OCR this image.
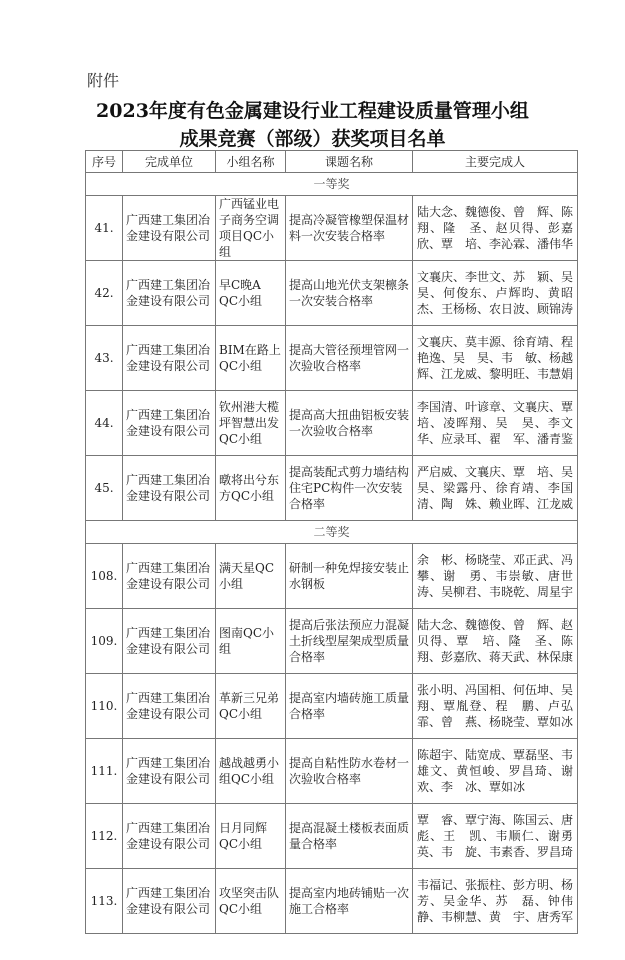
附件
2023年度有色金属建设行业工程建设质量管理小组
成果竞赛（部级）获奖项目名单
序号	完成单位	小组名称	课题名称	主要完成人
一等奖				
41.	广西建工集团冶金建设有限公司	广西锰业电子商务空调项目QC小组	提高冷凝管橡塑保温材料一次安装合格率	陆大念、魏德俊、曾　辉、陈　翔、隆　圣、赵贝得、彭嘉欣、覃　培、李沁霖、潘伟华
42.	广西建工集团冶金建设有限公司	早C晚A QC小组	提高山地光伏支架檩条一次安装合格率	文襄庆、李世文、苏　颖、吴　昊、何俊东、卢辉昀、黄昭杰、王杨杨、农日波、顾锦涛
43.	广西建工集团冶金建设有限公司	BIM在路上QC小组	提高大管径预埋管网一次验收合格率	文襄庆、莫丰源、徐育靖、程艳逸、吴　昊、韦　敏、杨越辉、江龙威、黎明旺、韦慧娟
44.	广西建工集团冶金建设有限公司	钦州港大榄坪智慧出发QC小组	提高高大扭曲铝板安装一次验收合格率	李国清、叶谚章、文襄庆、覃　培、凌晖翔、吴　昊、李文华、应录耳、翟　军、潘青鉴
45.	广西建工集团冶金建设有限公司	暾将出兮东方QC小组	提高装配式剪力墙结构住宅PC构件一次安装合格率	严启威、文襄庆、覃　培、吴　昊、梁露丹、徐育靖、李国清、陶　姝、赖业晖、江龙威
二等奖				
108.	广西建工集团冶金建设有限公司	满天星QC小组	研制一种免焊接安装止水钢板	余　彬、杨晓莹、邓正武、冯　攀、谢　勇、韦崇敏、唐世涛、吴柳君、韦晓乾、周星宇
109.	广西建工集团冶金建设有限公司	图南QC小组	提高后张法预应力混凝土折线型屋架成型质量合格率	陆大念、魏德俊、曾　辉、赵贝得、覃　培、隆　圣、陈　翔、彭嘉欣、蒋天武、林保康
110.	广西建工集团冶金建设有限公司	革新三兄弟QC小组	提高室内墙砖施工质量合格率	张小明、冯国相、何伍坤、吴　翔、覃胤登、程　鹏、卢弘霏、曾　燕、杨晓莹、覃如冰
111.	广西建工集团冶金建设有限公司	越战越勇小组QC小组	提高自粘性防水卷材一次验收合格率	陈超宇、陆宽成、覃磊坚、韦雄文、黄恒峻、罗昌琦、谢　欢、李　冰、覃如冰
112.	广西建工集团冶金建设有限公司	日月同辉QC小组	提高混凝土楼板表面质量合格率	覃　睿、覃宁海、陈国云、唐　彪、王　凯、韦顺仁、谢勇英、韦　旋、韦素香、罗昌琦
113.	广西建工集团冶金建设有限公司	攻坚突击队QC小组	提高室内地砖铺贴一次施工合格率	韦福记、张振柱、彭方明、杨　芳、吴金华、苏　磊、钟伟静、韦柳慧、黄　宇、唐秀军
